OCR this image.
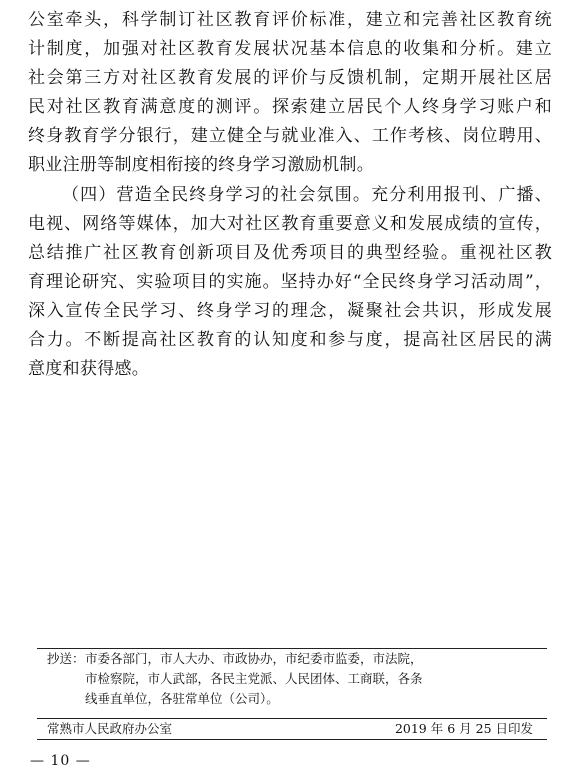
公室牵头，科学制订社区教育评价标准，建立和完善社区教育统
计制度，加强对社区教育发展状况基本信息的收集和分析。建立
社会第三方对社区教育发展的评价与反馈机制，定期开展社区居
民对社区教育满意度的测评。探索建立居民个人终身学习账户和
终身教育学分银行，建立健全与就业准入、工作考核、岗位聘用、
职业注册等制度相衔接的终身学习激励机制。
（四）营造全民终身学习的社会氛围。充分利用报刊、广播、
电视、网络等媒体，加大对社区教育重要意义和发展成绩的宣传，
总结推广社区教育创新项目及优秀项目的典型经验。重视社区教
育理论研究、实验项目的实施。坚持办好“全民终身学习活动周”，
深入宣传全民学习、终身学习的理念，凝聚社会共识，形成发展
合力。不断提高社区教育的认知度和参与度，提高社区居民的满
意度和获得感。
抄送： 市委各部门，市人大办、市政协办，市纪委市监委，市法院，
市检察院，市人武部，各民主党派、人民团体、工商联，各条
线垂直单位，各驻常单位（公司）。
常熟市人民政府办公室	2019 年 6 月 25 日印发
— 10 —
